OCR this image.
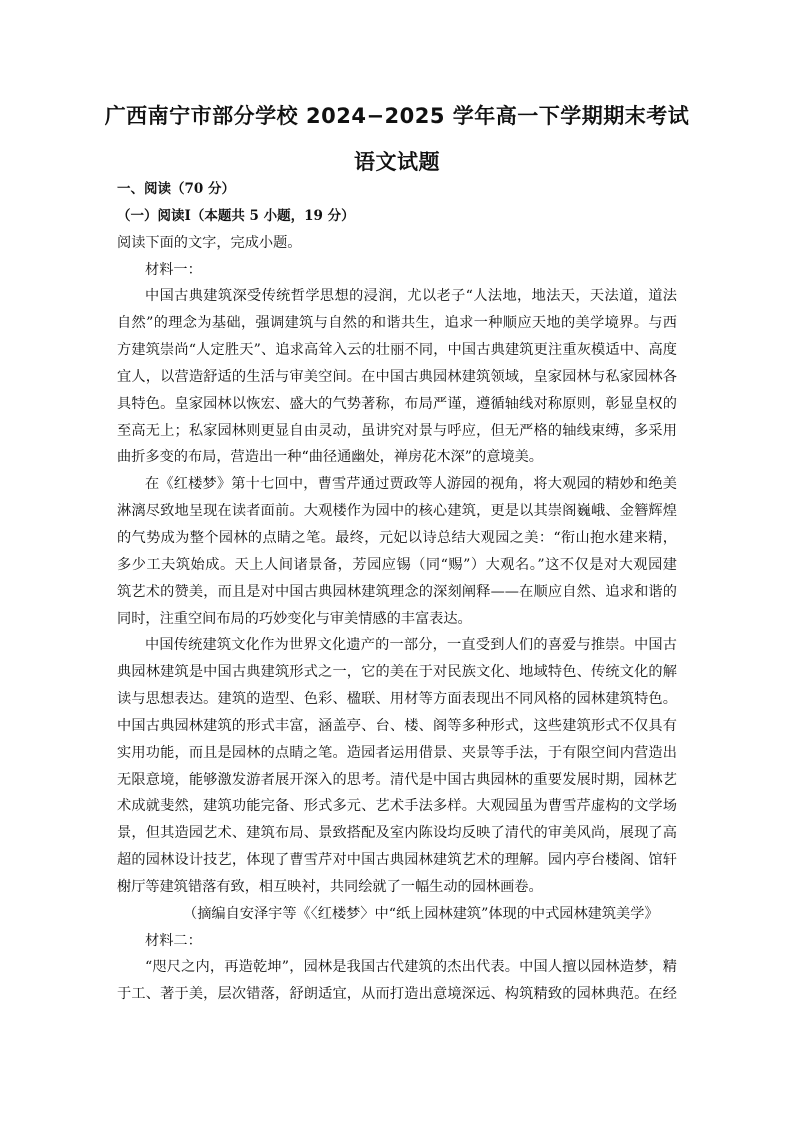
广西南宁市部分学校 2024−2025 学年高一下学期期末考试
语文试题
一、阅读（70 分）
（一）阅读Ⅰ（本题共 5 小题，19 分）
阅读下面的文字，完成小题。
材料一：
中国古典建筑深受传统哲学思想的浸润，尤以老子“人法地，地法天，天法道，道法
自然”的理念为基础，强调建筑与自然的和谐共生，追求一种顺应天地的美学境界。与西
方建筑崇尚“人定胜天”、追求高耸入云的壮丽不同，中国古典建筑更注重灰模适中、高度
宜人，以营造舒适的生活与审美空间。在中国古典园林建筑领域，皇家园林与私家园林各
具特色。皇家园林以恢宏、盛大的气势著称，布局严谨，遵循轴线对称原则，彰显皇权的
至高无上；私家园林则更显自由灵动，虽讲究对景与呼应，但无严格的轴线束缚，多采用
曲折多变的布局，营造出一种“曲径通幽处，禅房花木深”的意境美。
在《红楼梦》第十七回中，曹雪芹通过贾政等人游园的视角，将大观园的精妙和绝美
淋漓尽致地呈现在读者面前。大观楼作为园中的核心建筑，更是以其崇阁巍峨、金簪辉煌
的气势成为整个园林的点睛之笔。最终，元妃以诗总结大观园之美：“衔山抱水建来精，
多少工夫筑始成。天上人间诸景备，芳园应锡（同“赐”）大观名。”这不仅是对大观园建
筑艺术的赞美，而且是对中国古典园林建筑理念的深刻阐释——在顺应自然、追求和谐的
同时，注重空间布局的巧妙变化与审美情感的丰富表达。
中国传统建筑文化作为世界文化遗产的一部分，一直受到人们的喜爱与推崇。中国古
典园林建筑是中国古典建筑形式之一，它的美在于对民族文化、地域特色、传统文化的解
读与思想表达。建筑的造型、色彩、楹联、用材等方面表现出不同风格的园林建筑特色。
中国古典园林建筑的形式丰富，涵盖亭、台、楼、阁等多种形式，这些建筑形式不仅具有
实用功能，而且是园林的点睛之笔。造园者运用借景、夹景等手法，于有限空间内营造出
无限意境，能够激发游者展开深入的思考。清代是中国古典园林的重要发展时期，园林艺
术成就斐然，建筑功能完备、形式多元、艺术手法多样。大观园虽为曹雪芹虚构的文学场
景，但其造园艺术、建筑布局、景致搭配及室内陈设均反映了清代的审美风尚，展现了高
超的园林设计技艺，体现了曹雪芹对中国古典园林建筑艺术的理解。园内亭台楼阁、馆轩
榭厅等建筑错落有致，相互映衬，共同绘就了一幅生动的园林画卷。
（摘编自安泽宇等《〈红楼梦〉中“纸上园林建筑”体现的中式园林建筑美学》
材料二：
“咫尺之内，再造乾坤”，园林是我国古代建筑的杰出代表。中国人擅以园林造梦，精
于工、著于美，层次错落，舒朗适宜，从而打造出意境深远、构筑精致的园林典范。在经
